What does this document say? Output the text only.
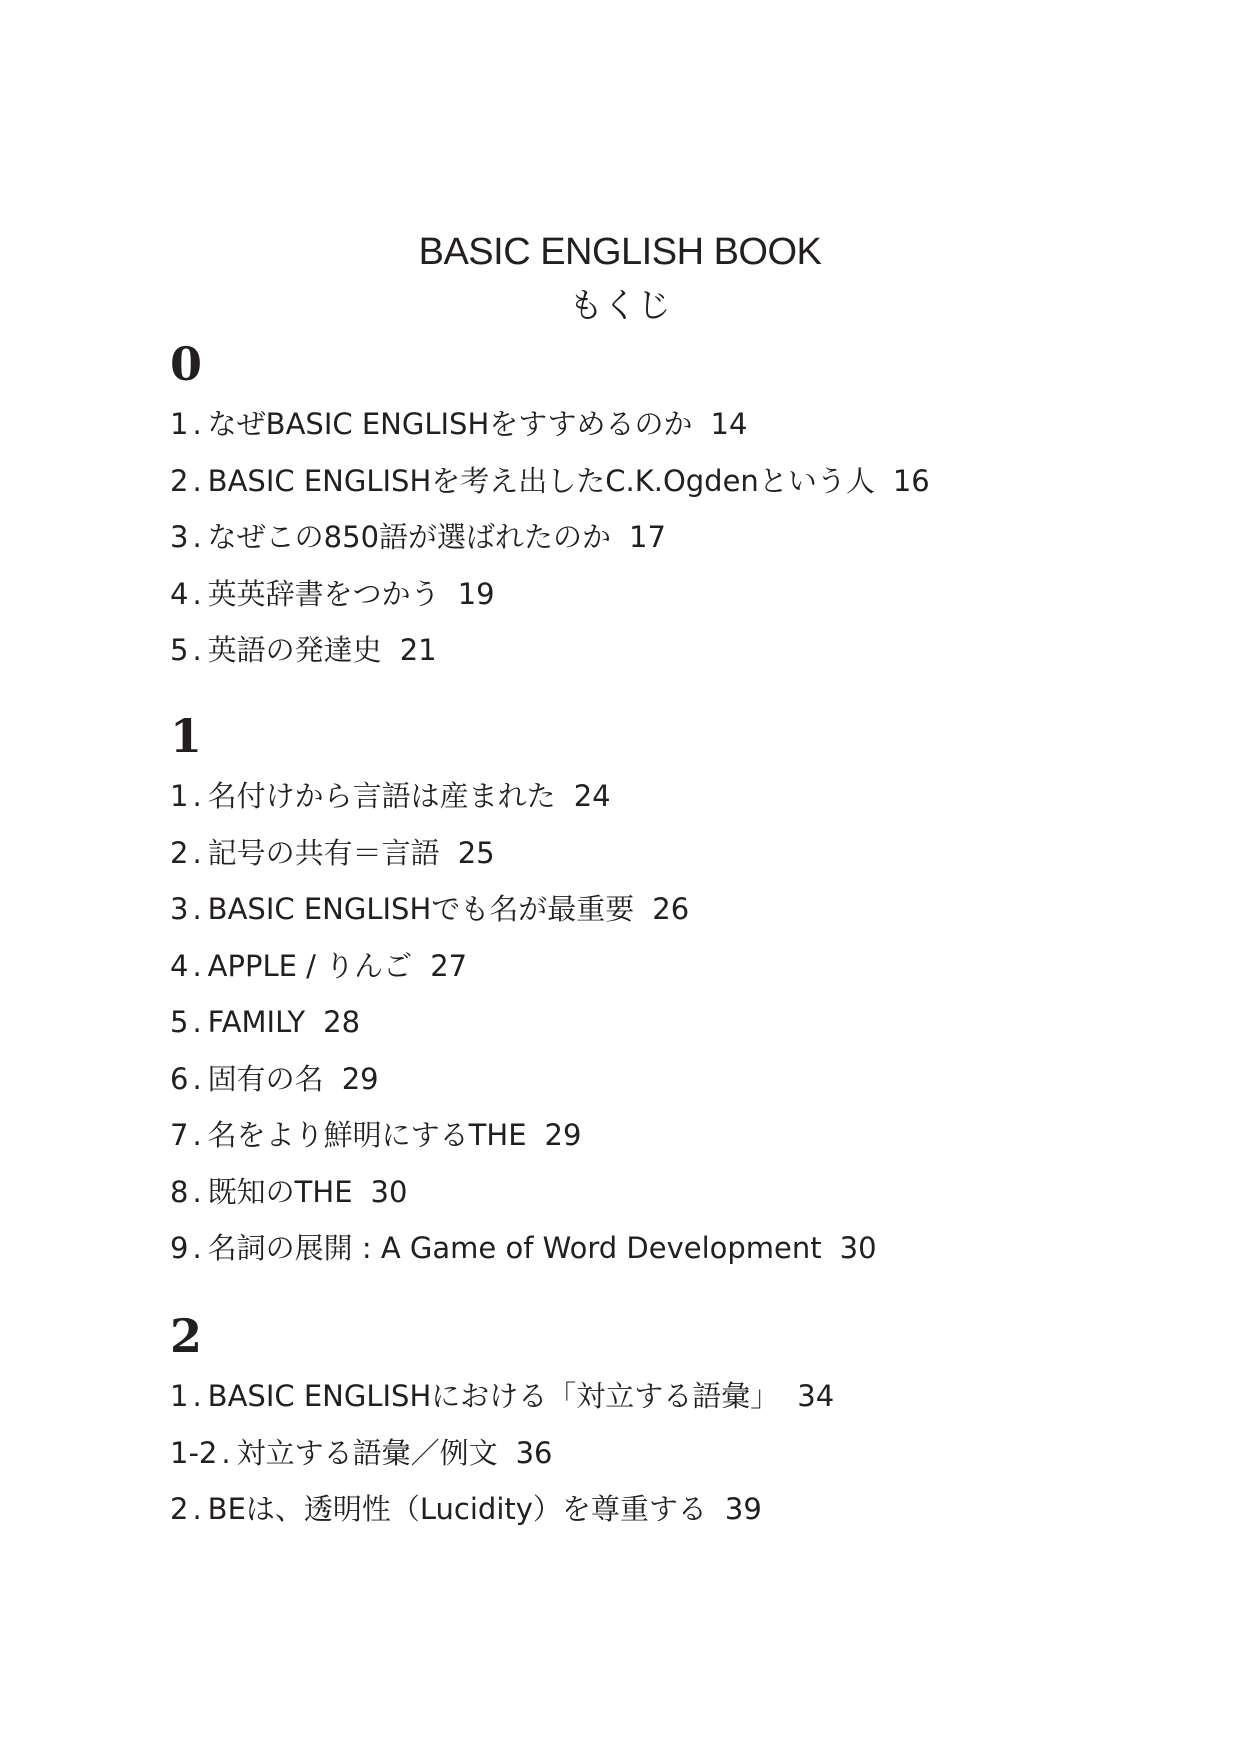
BASIC ENGLISH BOOK
もくじ
0
1 . なぜBASIC ENGLISHをすすめるのか 14
2 . BASIC ENGLISHを考え出したC.K.Ogdenという人 16
3 . なぜこの850語が選ばれたのか 17
4 . 英英辞書をつかう 19
5 . 英語の発達史 21
1
1 . 名付けから言語は産まれた 24
2 . 記号の共有＝言語 25
3 . BASIC ENGLISHでも名が最重要 26
4 . APPLE / りんご 27
5 . FAMILY 28
6 . 固有の名 29
7 . 名をより鮮明にするTHE 29
8 . 既知のTHE 30
9 . 名詞の展開 : A Game of Word Development 30
2
1 . BASIC ENGLISHにおける「対立する語彙」 34
1-2 . 対立する語彙／例文 36
2 . BEは、透明性（Lucidity）を尊重する 39
